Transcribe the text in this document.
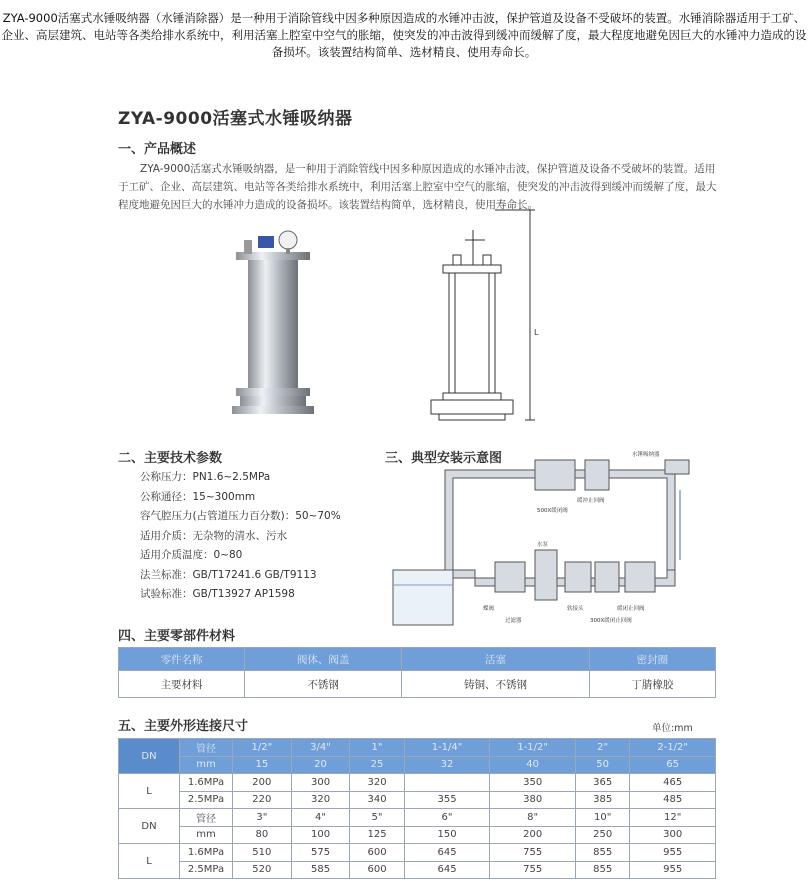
ZYA-9000活塞式水锤吸纳器（水锤消除器）是一种用于消除管线中因多种原因造成的水锤冲击波，保护管道及设备不受破坏的装置。水锤消除器适用于工矿、企业、高层建筑、电站等各类给排水系统中，利用活塞上腔室中空气的胀缩，使突发的冲击波得到缓冲而缓解了度，最大程度地避免因巨大的水锤冲力造成的设备损坏。该装置结构简单、选材精良、使用寿命长。
ZYA-9000活塞式水锤吸纳器
一、产品概述
ZYA-9000活塞式水锤吸纳器，是一种用于消除管线中因多种原因造成的水锤冲击波，保护管道及设备不受破坏的装置。适用于工矿、企业、高层建筑、电站等各类给排水系统中，利用活塞上腔室中空气的胀缩，使突发的冲击波得到缓冲而缓解了度，最大程度地避免因巨大的水锤冲力造成的设备损坏。该装置结构简单，选材精良，使用寿命长。
L
二、主要技术参数
公称压力：PN1.6~2.5MPa
公称通径：15~300mm
容气腔压力(占管道压力百分数)：50~70%
适用介质：无杂物的清水、污水
适用介质温度：0~80
法兰标准：GB/T17241.6 GB/T9113
试验标准：GB/T13927 AP1598
三、典型安装示意图	水锤吸纳器
500X缓闭阀
缓冲止回阀
蝶阀
过滤器
水泵
软接头
300X缓闭止回阀
缓闭止回阀
四、主要零部件材料
零件名称	阀体、阀盖	活塞	密封圈
主要材料	不锈钢	铸铜、不锈钢	丁腈橡胶
五、主要外形连接尺寸	单位:mm
DN	管径	1/2"	3/4"	1"	1-1/4"	1-1/2"	2"	2-1/2"
	mm	15	20	25	32	40	50	65
L	1.6MPa	200	300	320		350	365	465
	2.5MPa	220	320	340	355	380	385	485
DN	管径	3"	4"	5"	6"	8"	10"	12"
	mm	80	100	125	150	200	250	300
L	1.6MPa	510	575	600	645	755	855	955
	2.5MPa	520	585	600	645	755	855	955
